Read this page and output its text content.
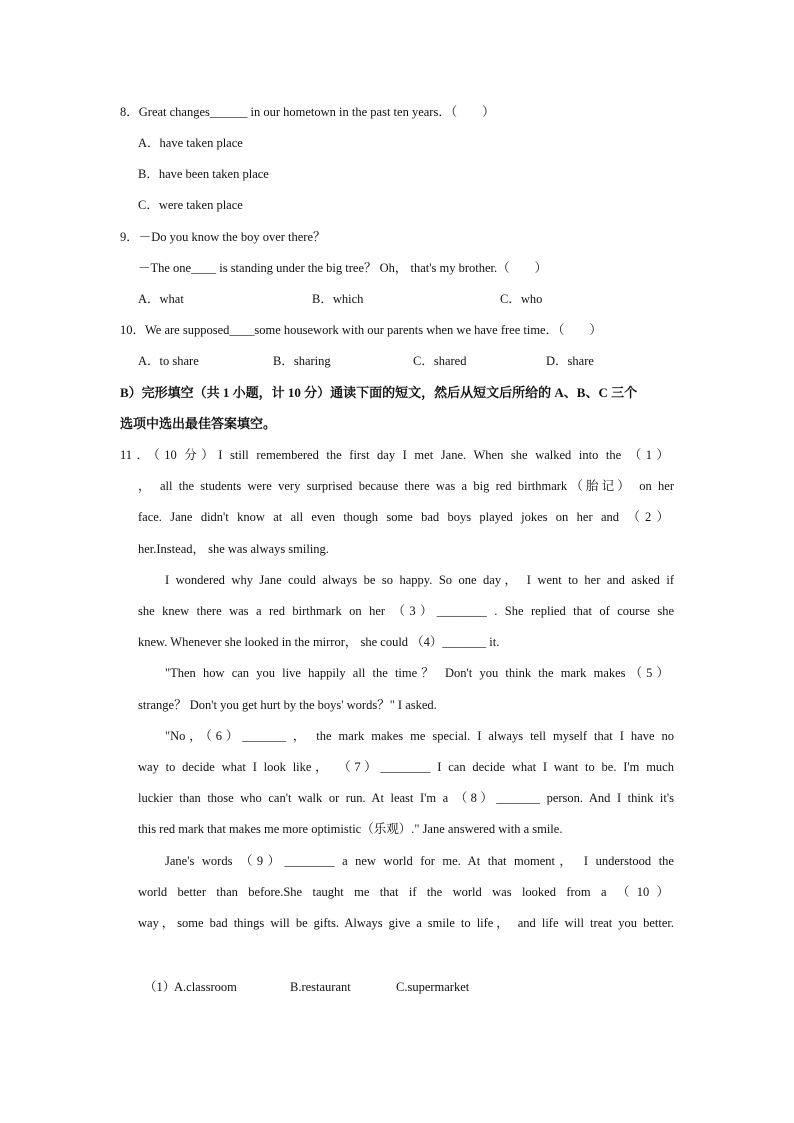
8．Great changes______ in our hometown in the past ten years．（　　）
A．have taken place
B．have been taken place
C．were taken place
9．－Do you know the boy over there？
－The one____ is standing under the big tree？ Oh， that's my brother.（　　）
A．what	B．which	C．who
10．We are supposed____some housework with our parents when we have free time．（　　）
A．to share	B．sharing	C．shared	D．share
B）完形填空（共 1 小题，计 10 分）通读下面的短文，然后从短文后所给的 A、B、C 三个
选项中选出最佳答案填空。
11．（10 分）I still remembered the first day I met Jane. When she walked into the （1）
， all the students were very surprised because there was a big red birthmark（胎记） on her
face. Jane didn't know at all even though some bad boys played jokes on her and （2）
her.Instead， she was always smiling.
I wondered why Jane could always be so happy. So one day， I went to her and asked if
she knew there was a red birthmark on her （3）________ . She replied that of course she
knew. Whenever she looked in the mirror， she could （4）_______ it.
"Then how can you live happily all the time？ Don't you think the mark makes（5）
strange？ Don't you get hurt by the boys' words？" I asked.
"No，（6）_______ ， the mark makes me special. I always tell myself that I have no
way to decide what I look like， （7）________ I can decide what I want to be. I'm much
luckier than those who can't walk or run. At least I'm a （8）_______ person. And I think it's
this red mark that makes me more optimistic（乐观）." Jane answered with a smile.
Jane's words （9）________ a new world for me. At that moment， I understood the
world better than before.She taught me that if the world was looked from a （10）
way，some bad things will be gifts. Always give a smile to life， and life will treat you better.
（1）
A.classroom	B.restaurant	C.supermarket
